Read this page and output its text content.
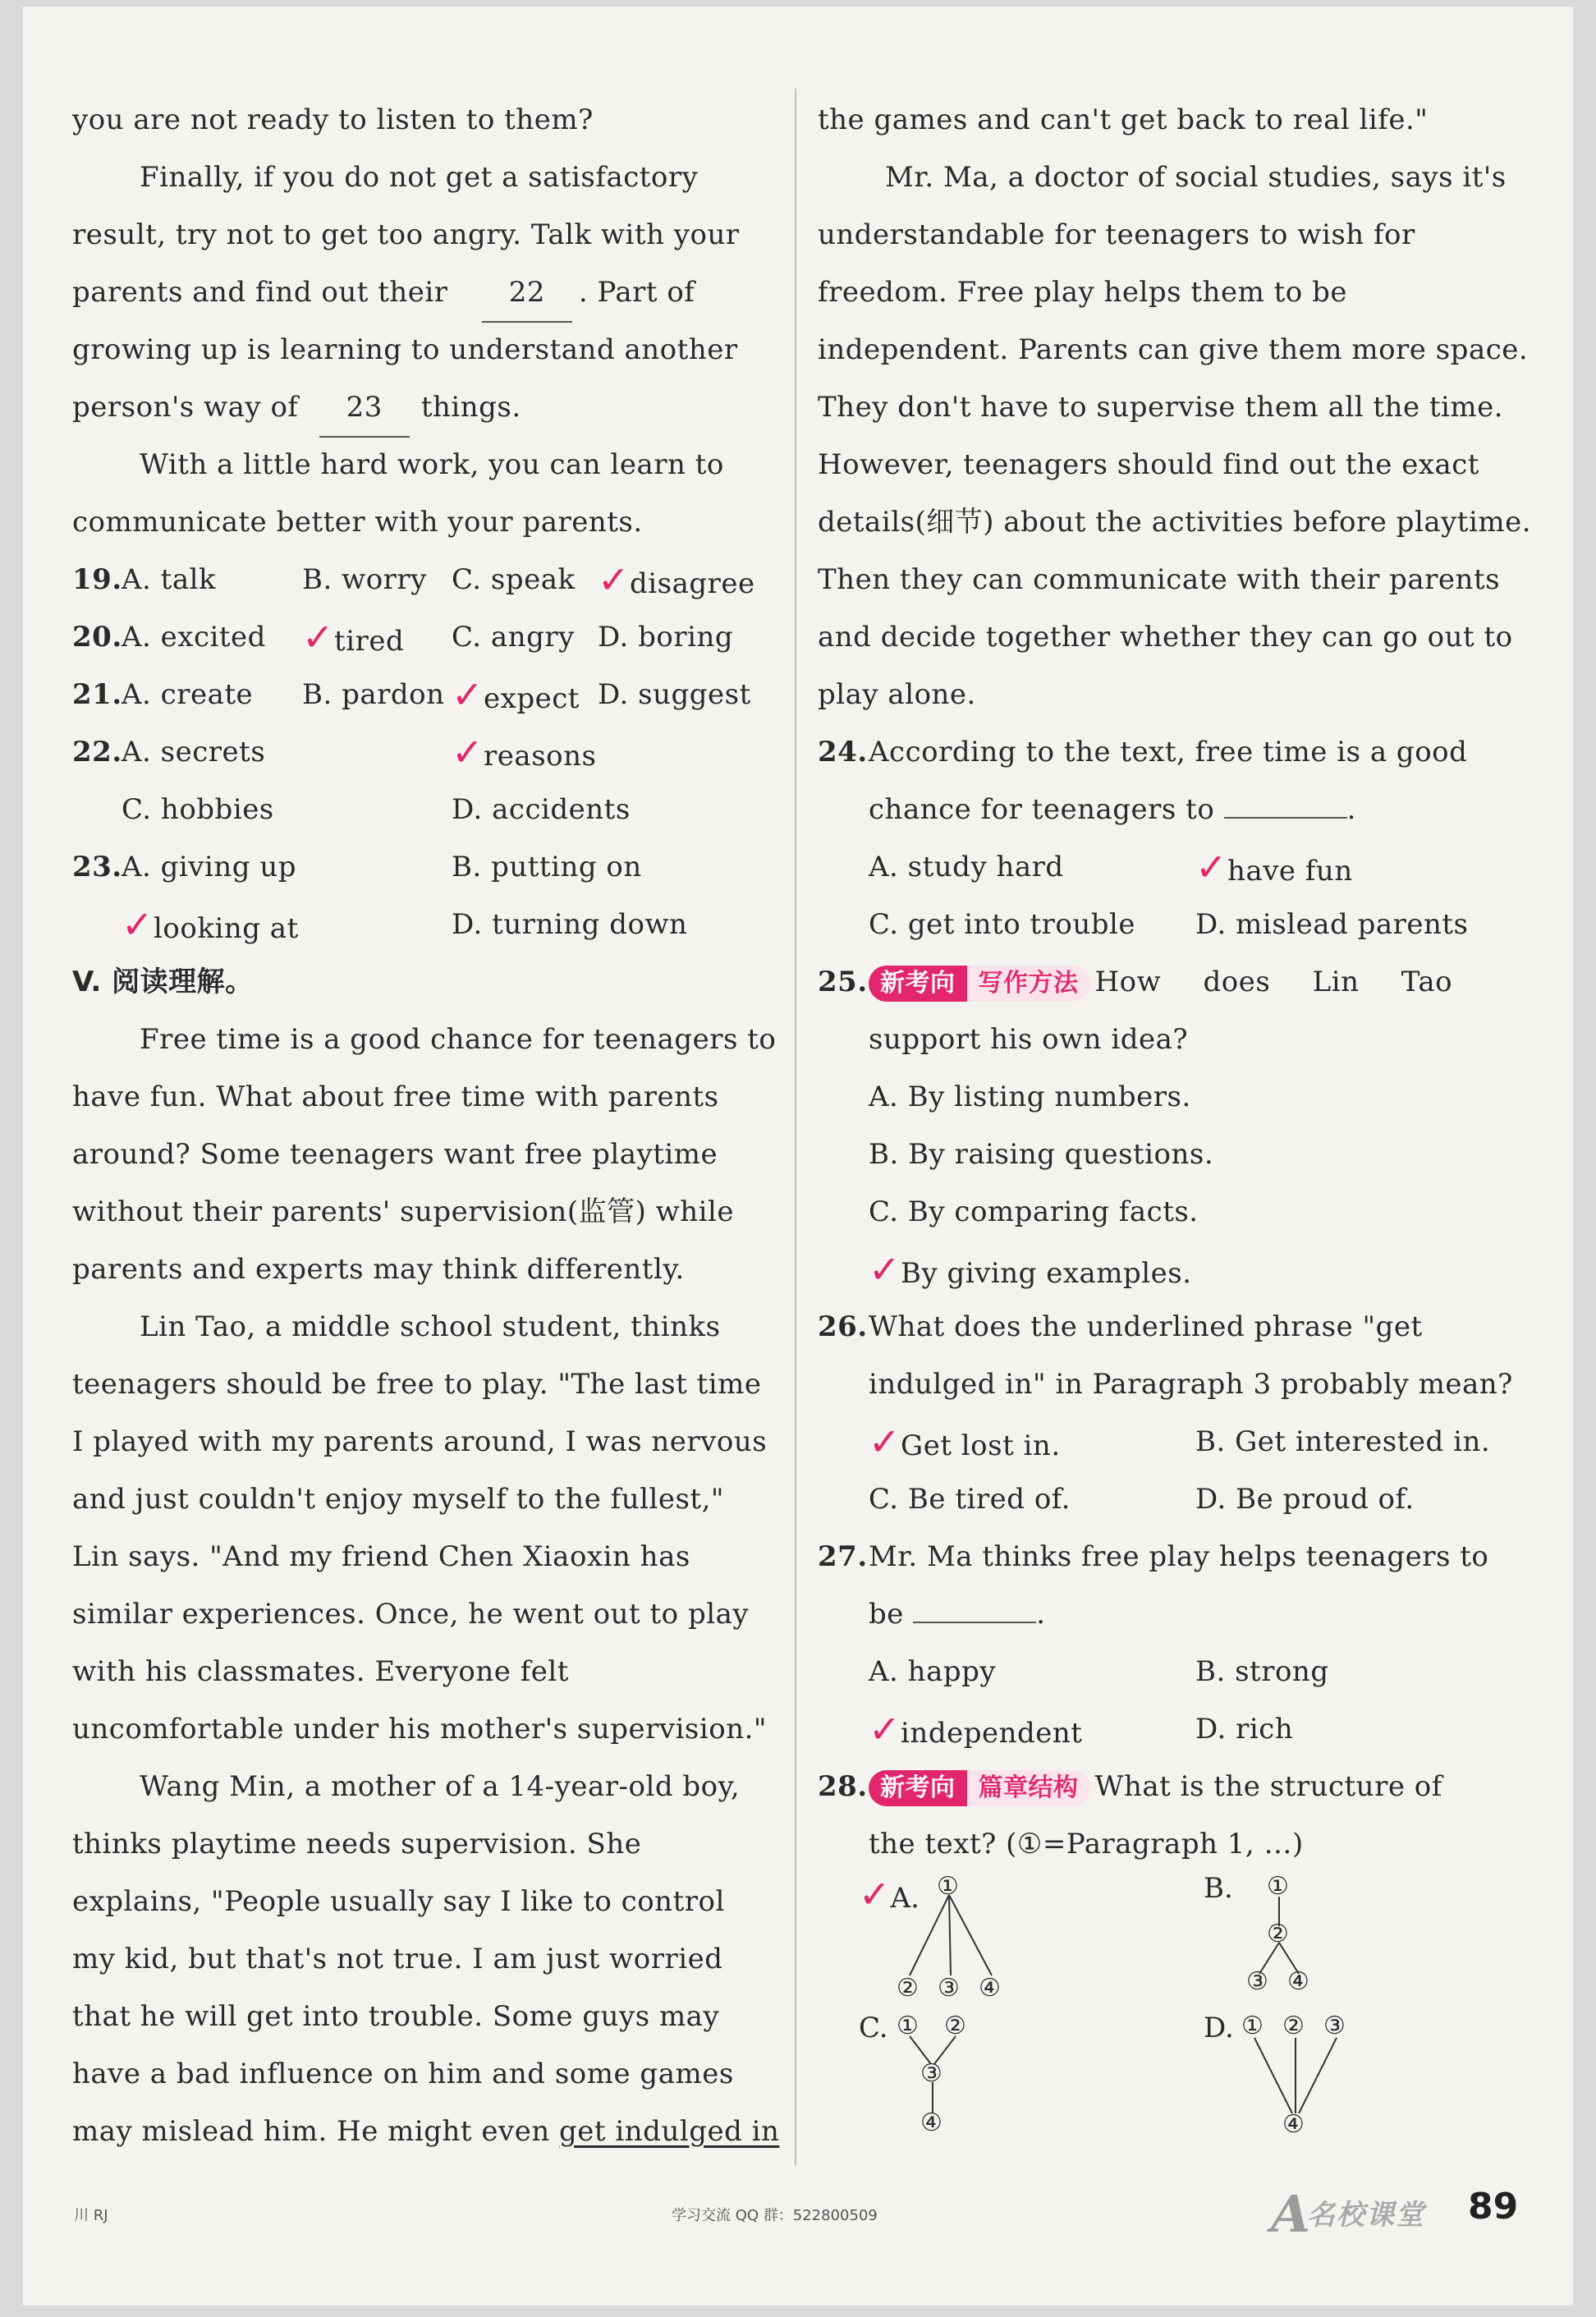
you are not ready to listen to them?
Finally, if you do not get a satisfactory
result, try not to get too angry. Talk with your
parents and find out their 22 . Part of
growing up is learning to understand another
person's way of 23 things.
With a little hard work, you can learn to
communicate better with your parents.
19. A. talk	B. worry C. speak ✓disagree
20. A. excited ✓tired C. angry D. boring
21. A. create B. pardon ✓expect D. suggest
22. A. secrets	✓reasons
C. hobbies	D. accidents
23. A. giving up	B. putting on
✓looking at	D. turning down
V. 阅读理解。
Free time is a good chance for teenagers to
have fun. What about free time with parents
around? Some teenagers want free playtime
without their parents' supervision(监管) while
parents and experts may think differently.
Lin Tao, a middle school student, thinks
teenagers should be free to play. "The last time
I played with my parents around, I was nervous
and just couldn't enjoy myself to the fullest,"
Lin says. "And my friend Chen Xiaoxin has
similar experiences. Once, he went out to play
with his classmates. Everyone felt
uncomfortable under his mother's supervision."
Wang Min, a mother of a 14-year-old boy,
thinks playtime needs supervision. She
explains, "People usually say I like to control
my kid, but that's not true. I am just worried
that he will get into trouble. Some guys may
have a bad influence on him and some games
may mislead him. He might even get indulged in
the games and can't get back to real life."
Mr. Ma, a doctor of social studies, says it's
understandable for teenagers to wish for
freedom. Free play helps them to be
independent. Parents can give them more space.
They don't have to supervise them all the time.
However, teenagers should find out the exact
details(细节) about the activities before playtime.
Then they can communicate with their parents
and decide together whether they can go out to
play alone.
24. According to the text, free time is a good
chance for teenagers to	.
A. study hard	✓have fun
C. get into trouble D. mislead parents
25. 新考向 写作方法 How does Lin Tao
support his own idea?
A. By listing numbers.
B. By raising questions.
C. By comparing facts.
✓By giving examples.
26. What does the underlined phrase "get
indulged in" in Paragraph 3 probably mean?
✓Get lost in.	B. Get interested in.
C. Be tired of.	D. Be proud of.
27. Mr. Ma thinks free play helps teenagers to
be	.
A. happy	B. strong
✓independent	D. rich
28. 新考向 篇章结构 What is the structure of
the text? (①=Paragraph 1, …)
✓A. ①
② ③ ④
B. ①
②
③ ④
C. ① ②
③
④
D. ① ② ③
④
川 RJ	学习交流 QQ 群：522800509	A
名校课堂 89
